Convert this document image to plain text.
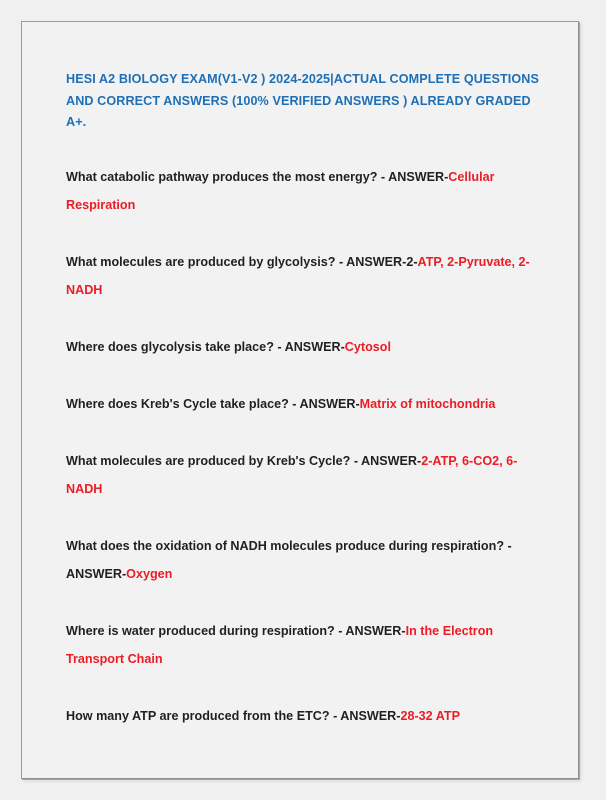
HESI A2 BIOLOGY EXAM(V1-V2 ) 2024-2025|ACTUAL COMPLETE QUESTIONS AND CORRECT ANSWERS (100% VERIFIED ANSWERS ) ALREADY GRADED A+.

What catabolic pathway produces the most energy? - ANSWER-Cellular Respiration

What molecules are produced by glycolysis? - ANSWER-2-ATP, 2-Pyruvate, 2-NADH

Where does glycolysis take place? - ANSWER-Cytosol

Where does Kreb's Cycle take place? - ANSWER-Matrix of mitochondria

What molecules are produced by Kreb's Cycle? - ANSWER-2-ATP, 6-CO2, 6-NADH

What does the oxidation of NADH molecules produce during respiration? - ANSWER-Oxygen

Where is water produced during respiration? - ANSWER-In the Electron Transport Chain

How many ATP are produced from the ETC? - ANSWER-28-32 ATP
